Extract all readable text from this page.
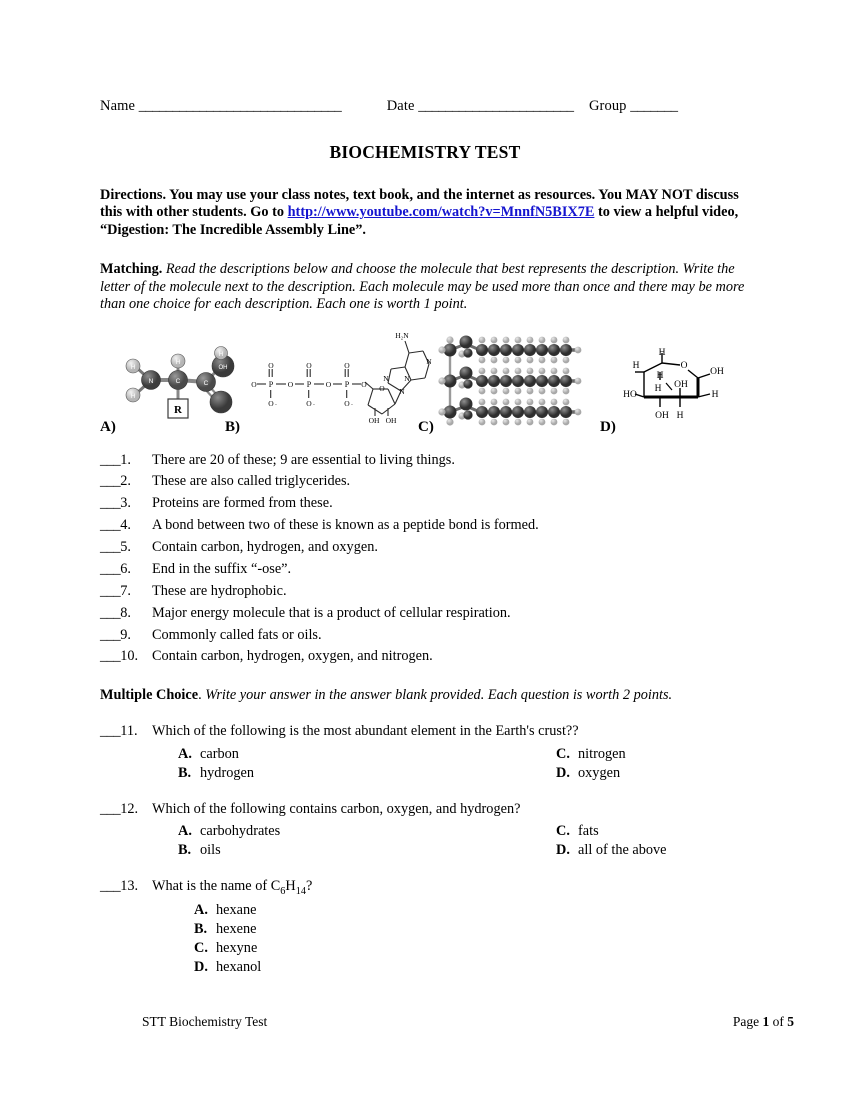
Name ______________________________	Date _______________________ Group _______
BIOCHEMISTRY TEST
Directions. You may use your class notes, text book, and the internet as resources. You MAY NOT discuss this with other students. Go to http://www.youtube.com/watch?v=MnnfN5BIX7E to view a helpful video, “Digestion: The Incredible Assembly Line”.
Matching. Read the descriptions below and choose the molecule that best represents the description. Write the letter of the molecule next to the description. Each molecule may be used more than once and there may be more than one choice for each description. Each one is worth 1 point.
A)
H
H
N
H
C	C
OH
H
R
B)
O	O	O
O	O	O
P	P	P
O	O
O	O O
OH OH
N
N N
N
H₂N
-	-	-
C)	D)
H
H	O
H
H
HO
OH H
OH
OH
H
___1. There are 20 of these; 9 are essential to living things.
___2. These are also called triglycerides.
___3. Proteins are formed from these.
___4. A bond between two of these is known as a peptide bond is formed.
___5. Contain carbon, hydrogen, and oxygen.
___6. End in the suffix “-ose”.
___7. These are hydrophobic.
___8. Major energy molecule that is a product of cellular respiration.
___9. Commonly called fats or oils.
___10. Contain carbon, hydrogen, oxygen, and nitrogen.
Multiple Choice. Write your answer in the answer blank provided. Each question is worth 2 points.
___11. Which of the following is the most abundant element in the Earth's crust??
A. carbon	C. nitrogen
B. hydrogen	D. oxygen
___12. Which of the following contains carbon, oxygen, and hydrogen?
A. carbohydrates	C. fats
B. oils	D. all of the above
___13. What is the name of $C_6H_{14}$?
A. hexane
B. hexene
C. hexyne
D. hexanol
STT Biochemistry Test	Page 1 of 5
